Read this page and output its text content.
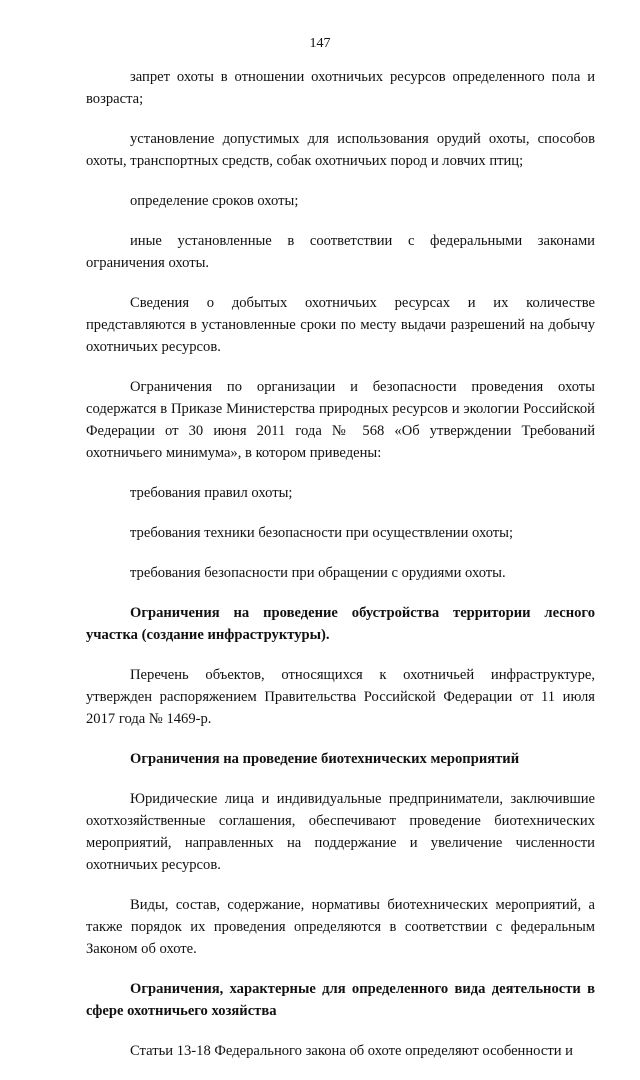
147

запрет охоты в отношении охотничьих ресурсов определенного пола и возраста;

установление допустимых для использования орудий охоты, способов охоты, транспортных средств, собак охотничьих пород и ловчих птиц;

определение сроков охоты;

иные установленные в соответствии с федеральными законами ограничения охоты.

Сведения о добытых охотничьих ресурсах и их количестве представляются в установленные сроки по месту выдачи разрешений на добычу охотничьих ресурсов.

Ограничения по организации и безопасности проведения охоты содержатся в Приказе Министерства природных ресурсов и экологии Российской Федерации от 30 июня 2011 года № 568 «Об утверждении Требований охотничьего минимума», в котором приведены:

требования правил охоты;

требования техники безопасности при осуществлении охоты;

требования безопасности при обращении с орудиями охоты.

Ограничения на проведение обустройства территории лесного участка (создание инфраструктуры).

Перечень объектов, относящихся к охотничьей инфраструктуре, утвержден распоряжением Правительства Российской Федерации от 11 июля 2017 года № 1469-р.

Ограничения на проведение биотехнических мероприятий

Юридические лица и индивидуальные предприниматели, заключившие охотхозяйственные соглашения, обеспечивают проведение биотехнических мероприятий, направленных на поддержание и увеличение численности охотничьих ресурсов.

Виды, состав, содержание, нормативы биотехнических мероприятий, а также порядок их проведения определяются в соответствии с федеральным Законом об охоте.

Ограничения, характерные для определенного вида деятельности в сфере охотничьего хозяйства

Статьи 13-18 Федерального закона об охоте определяют особенности и
